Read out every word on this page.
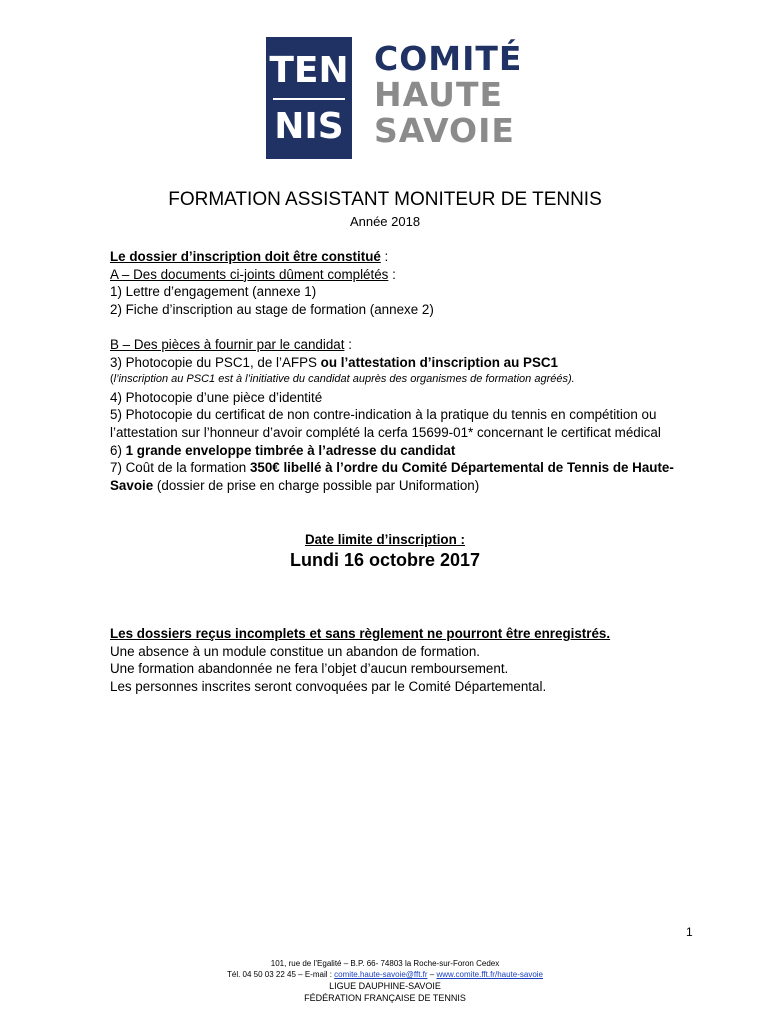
TEN
NIS
COMITÉ
HAUTE
SAVOIE
FORMATION ASSISTANT MONITEUR DE TENNIS
Année 2018

Le dossier d’inscription doit être constitué :

A – Des documents ci-joints dûment complétés :

1) Lettre d’engagement (annexe 1)

2) Fiche d’inscription au stage de formation (annexe 2)

B – Des pièces à fournir par le candidat :

3) Photocopie du PSC1, de l’AFPS ou l’attestation d’inscription au PSC1

(l’inscription au PSC1 est à l’initiative du candidat auprès des organismes de formation agréés).

4) Photocopie d’une pièce d’identité

5) Photocopie du certificat de non contre-indication à la pratique du tennis en compétition ou l’attestation sur l’honneur d’avoir complété la cerfa 15699-01* concernant le certificat médical

6) 1 grande enveloppe timbrée à l’adresse du candidat

7) Coût de la formation 350€ libellé à l’ordre du Comité Départemental de Tennis de Haute-Savoie (dossier de prise en charge possible par Uniformation)

Date limite d’inscription :
Lundi 16 octobre 2017

Les dossiers reçus incomplets et sans règlement ne pourront être enregistrés.

Une absence à un module constitue un abandon de formation.

Une formation abandonnée ne fera l’objet d’aucun remboursement.

Les personnes inscrites seront convoquées par le Comité Départemental.

1
101, rue de l’Egalité – B.P. 66- 74803 la Roche-sur-Foron Cedex
Tél. 04 50 03 22 45 – E-mail : comite.haute-savoie@fft.fr – www.comite.fft.fr/haute-savoie
LIGUE DAUPHINE-SAVOIE
FÉDÉRATION FRANÇAISE DE TENNIS
